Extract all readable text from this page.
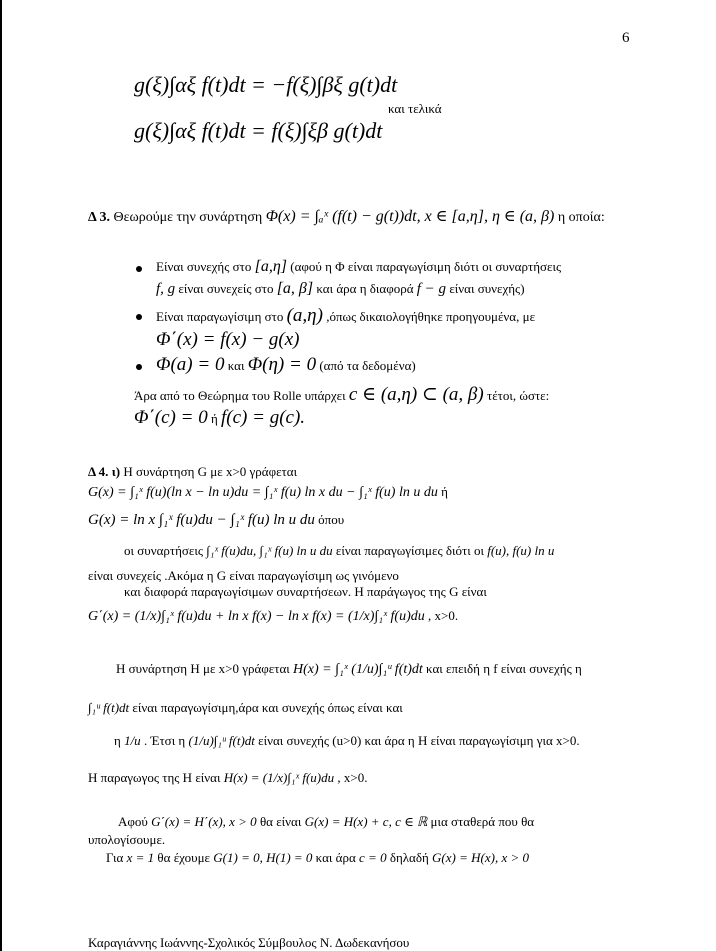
6
g(ξ)∫αξ f(t)dt = −f(ξ)∫βξ g(t)dt
και τελικά
g(ξ)∫αξ f(t)dt = f(ξ)∫ξβ g(t)dt
Δ 3. Θεωρούμε την συνάρτηση Φ(x) = ∫ₐˣ (f(t) − g(t))dt, x ∈ [a,η], η ∈ (a, β) η οποία:
Είναι συνεχής στο [a,η] (αφού η Φ είναι παραγωγίσιμη διότι οι συναρτήσεις
f, g είναι συνεχείς στο [a, β] και άρα η διαφορά f − g είναι συνεχής)
Είναι παραγωγίσιμη στο (a,η) ,όπως δικαιολογήθηκε προηγουμένα, με
Φ΄(x) = f(x) − g(x)
Φ(a) = 0 και Φ(η) = 0 (από τα δεδομένα)
Άρα από το Θεώρημα του Rolle υπάρχει c ∈ (a,η) ⊂ (a, β) τέτοι, ώστε:
Φ΄(c) = 0 ή f(c) = g(c).
Δ 4. ι) Η συνάρτηση G με x>0 γράφεται
G(x) = ∫₁ˣ f(u)(ln x − ln u)du = ∫₁ˣ f(u) ln x du − ∫₁ˣ f(u) ln u du ή
G(x) = ln x ∫₁ˣ f(u)du − ∫₁ˣ f(u) ln u du όπου
οι συναρτήσεις ∫₁ˣ f(u)du, ∫₁ˣ f(u) ln u du είναι παραγωγίσιμες διότι οι f(u), f(u) ln u
είναι συνεχείς .Ακόμα η G είναι παραγωγίσιμη ως γινόμενο
και διαφορά παραγωγίσιμων συναρτήσεων. Η παράγωγος της G είναι
G΄(x) = (1/x)∫₁ˣ f(u)du + ln x f(x) − ln x f(x) = (1/x)∫₁ˣ f(u)du , x>0.
Η συνάρτηση H με x>0 γράφεται H(x) = ∫₁ˣ (1/u)∫₁ᵘ f(t)dt και επειδή η f είναι συνεχής η
∫₁ᵘ f(t)dt είναι παραγωγίσιμη,άρα και συνεχής όπως είναι και
η 1/u . Έτσι η (1/u)∫₁ᵘ f(t)dt είναι συνεχής (u>0) και άρα η H είναι παραγωγίσιμη για x>0.
Η παραγωγος της H είναι H(x) = (1/x)∫₁ˣ f(u)du , x>0.
Αφού G΄(x) = H΄(x), x > 0 θα είναι G(x) = H(x) + c, c ∈ ℝ μια σταθερά που θα
υπολογίσουμε.
Για x = 1 θα έχουμε G(1) = 0, H(1) = 0 και άρα c = 0 δηλαδή G(x) = H(x), x > 0
Καραγιάννης Ιωάννης-Σχολικός Σύμβουλος Ν. Δωδεκανήσου
